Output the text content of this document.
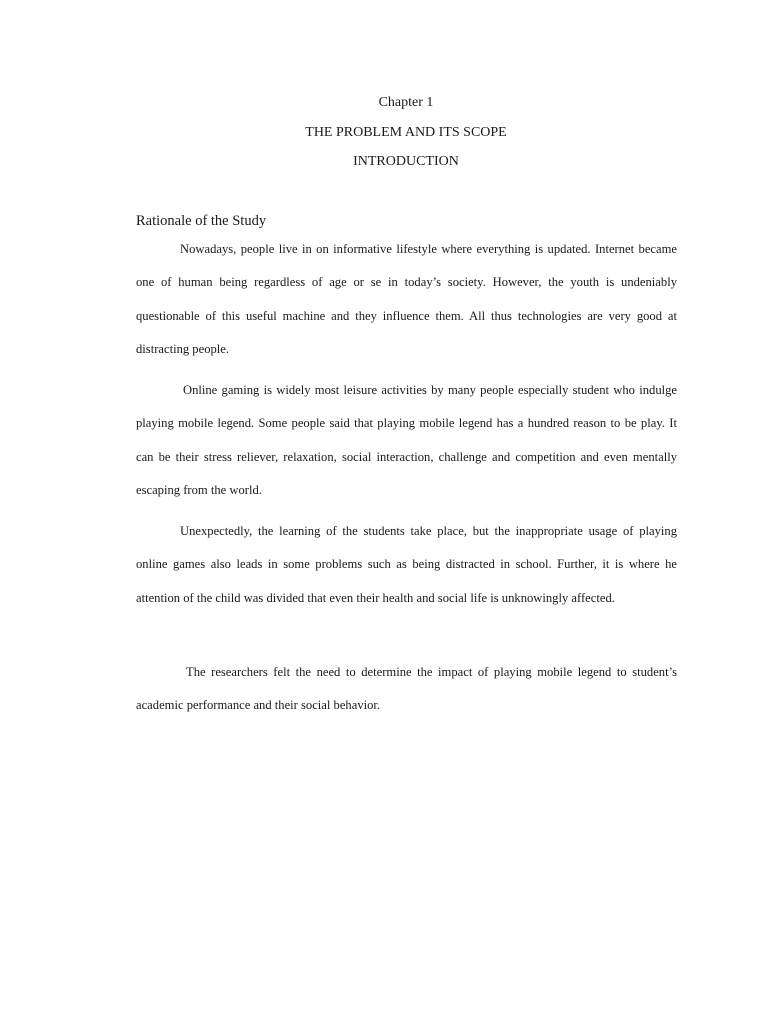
Chapter 1

THE PROBLEM AND ITS SCOPE

INTRODUCTION

Rationale of the Study

Nowadays, people live in on informative lifestyle where everything is updated. Internet became one of human being regardless of age or se in today’s society. However, the youth is undeniably questionable of this useful machine and they influence them. All thus technologies are very good at distracting people.

Online gaming is widely most leisure activities by many people especially student who indulge playing mobile legend. Some people said that playing mobile legend has a hundred reason to be play. It can be their stress reliever, relaxation, social interaction, challenge and competition and even mentally escaping from the world.

Unexpectedly, the learning of the students take place, but the inappropriate usage of playing online games also leads in some problems such as being distracted in school. Further, it is where he attention of the child was divided that even their health and social life is unknowingly affected.

The researchers felt the need to determine the impact of playing mobile legend to student’s academic performance and their social behavior.
